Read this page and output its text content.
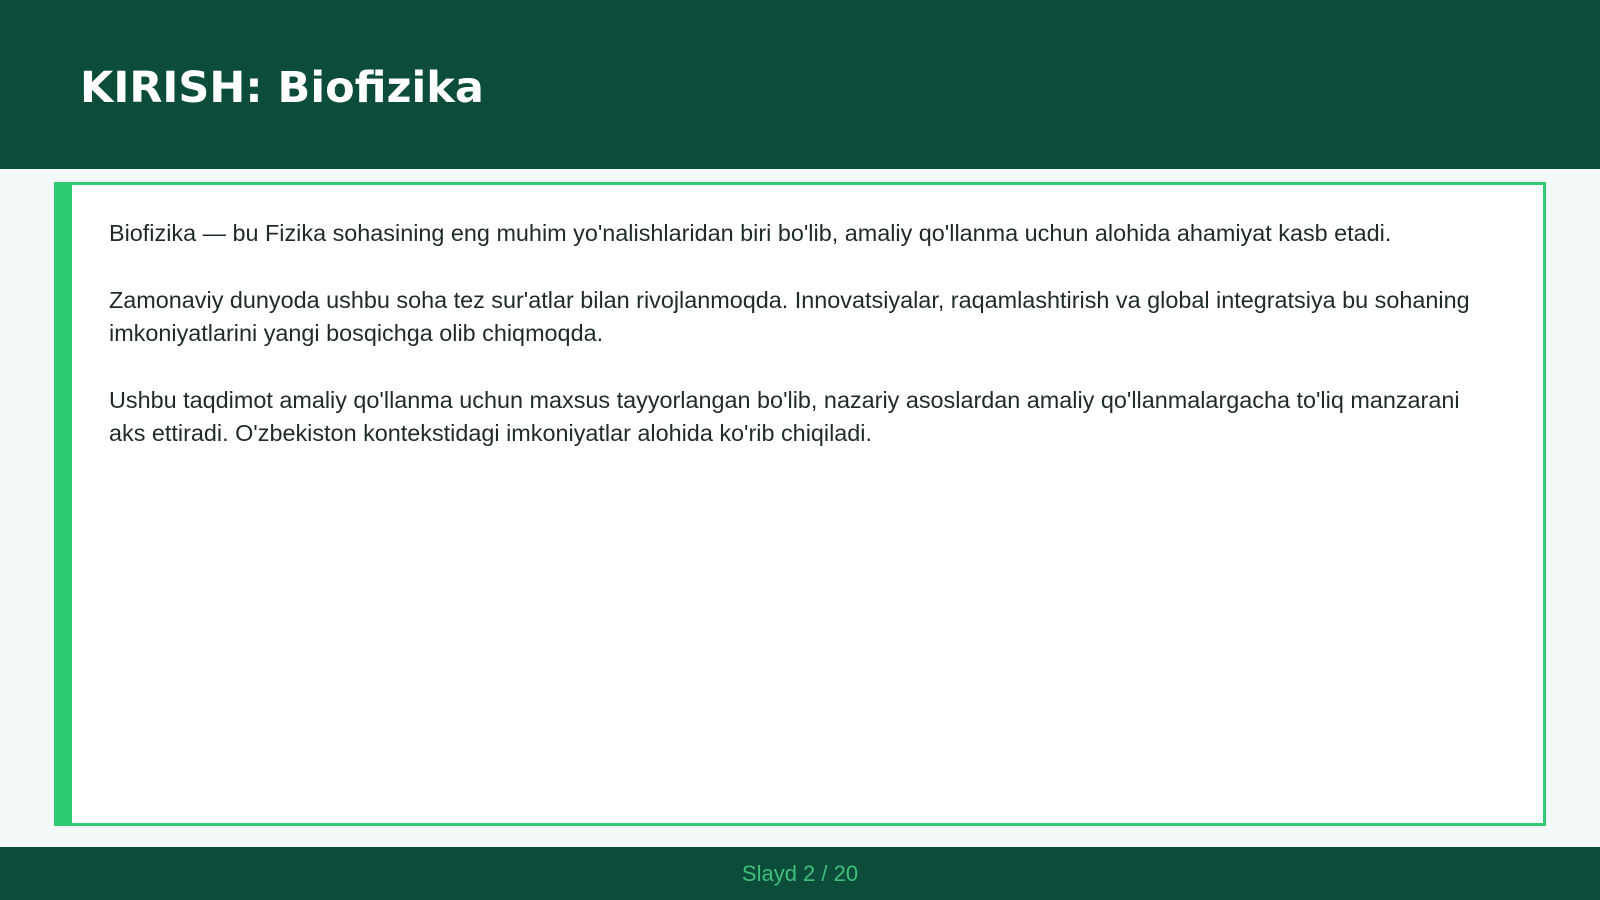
KIRISH: Biofizika

Biofizika — bu Fizika sohasining eng muhim yo'nalishlaridan biri bo'lib, amaliy qo'llanma uchun alohida ahamiyat kasb etadi.

Zamonaviy dunyoda ushbu soha tez sur'atlar bilan rivojlanmoqda. Innovatsiyalar, raqamlashtirish va global integratsiya bu sohaning imkoniyatlarini yangi bosqichga olib chiqmoqda.

Ushbu taqdimot amaliy qo'llanma uchun maxsus tayyorlangan bo'lib, nazariy asoslardan amaliy qo'llanmalargacha to'liq manzarani aks ettiradi. O'zbekiston kontekstidagi imkoniyatlar alohida ko'rib chiqiladi.

Slayd 2 / 20
